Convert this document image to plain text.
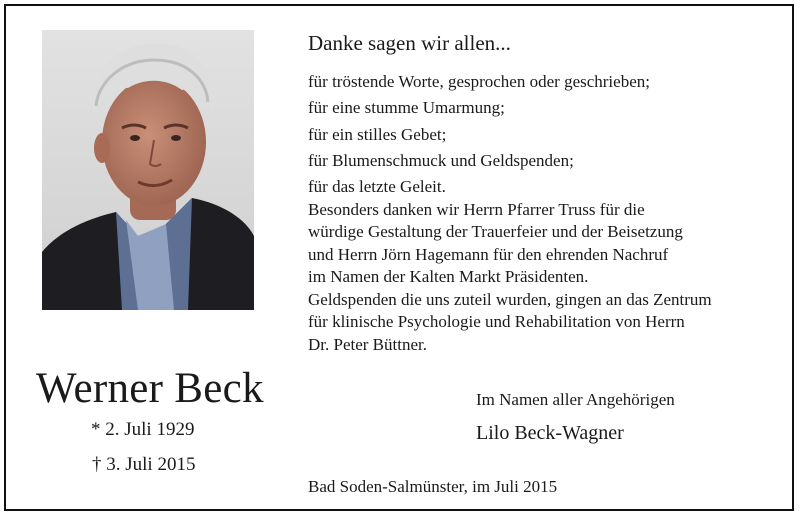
Werner Beck
* 2. Juli 1929
† 3. Juli 2015
Danke sagen wir allen...
für tröstende Worte, gesprochen oder geschrieben;
für eine stumme Umarmung;
für ein stilles Gebet;
für Blumenschmuck und Geldspenden;
für das letzte Geleit.
Besonders danken wir Herrn Pfarrer Truss für die
würdige Gestaltung der Trauerfeier und der Beisetzung
und Herrn Jörn Hagemann für den ehrenden Nachruf
im Namen der Kalten Markt Präsidenten.
Geldspenden die uns zuteil wurden, gingen an das Zentrum
für klinische Psychologie und Rehabilitation von Herrn
Dr. Peter Büttner.
Im Namen aller Angehörigen
Lilo Beck-Wagner
Bad Soden-Salmünster, im Juli 2015
